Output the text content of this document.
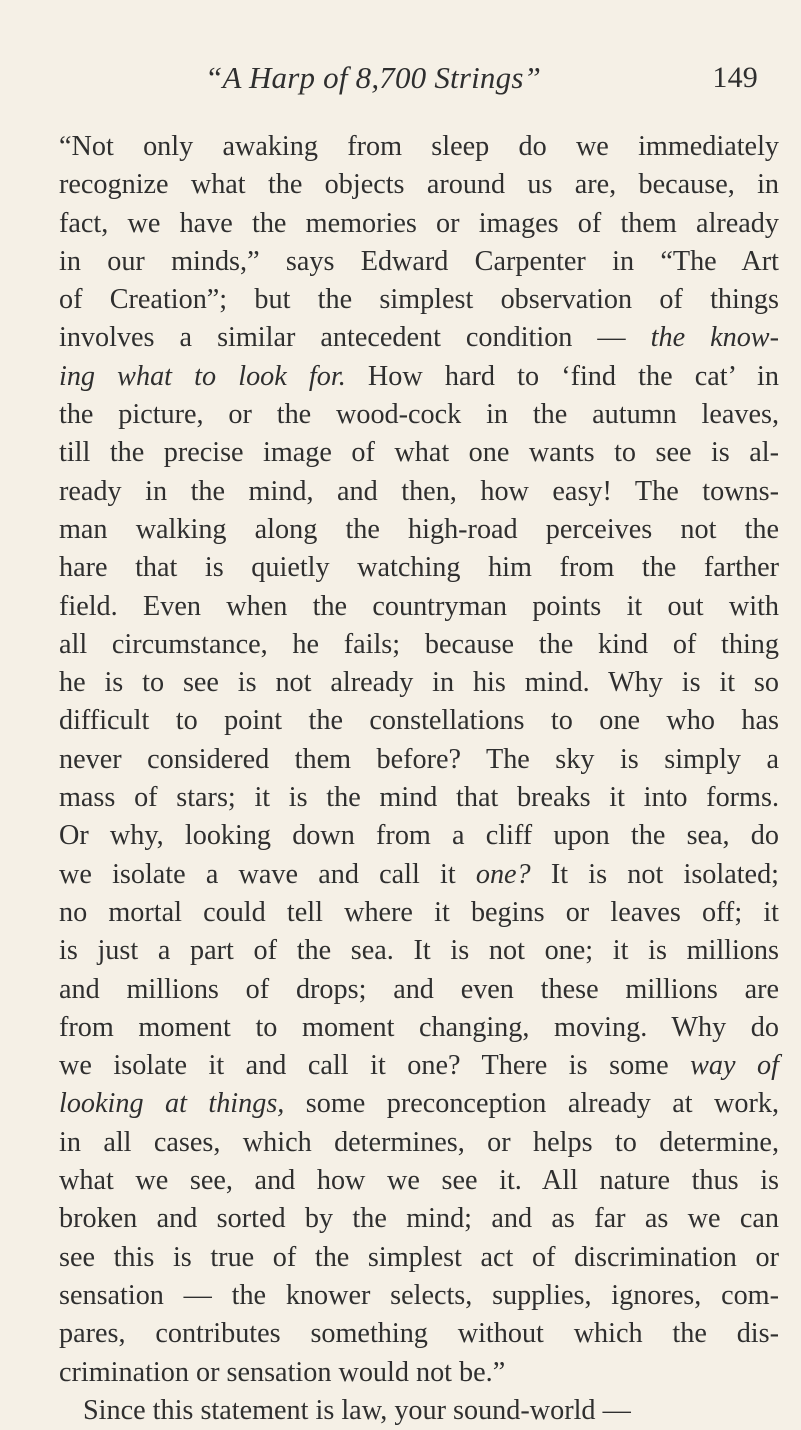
“A Harp of 8,700 Strings”	149
“Not only awaking from sleep do we immediately
recognize what the objects around us are, because, in
fact, we have the memories or images of them already
in our minds,” says Edward Carpenter in “The Art
of Creation”; but the simplest observation of things
involves a similar antecedent condition — the know-
ing what to look for. How hard to ‘find the cat’ in
the picture, or the wood-cock in the autumn leaves,
till the precise image of what one wants to see is al-
ready in the mind, and then, how easy! The towns-
man walking along the high-road perceives not the
hare that is quietly watching him from the farther
field. Even when the countryman points it out with
all circumstance, he fails; because the kind of thing
he is to see is not already in his mind. Why is it so
difficult to point the constellations to one who has
never considered them before? The sky is simply a
mass of stars; it is the mind that breaks it into forms.
Or why, looking down from a cliff upon the sea, do
we isolate a wave and call it one? It is not isolated;
no mortal could tell where it begins or leaves off; it
is just a part of the sea. It is not one; it is millions
and millions of drops; and even these millions are
from moment to moment changing, moving. Why do
we isolate it and call it one? There is some way of
looking at things, some preconception already at work,
in all cases, which determines, or helps to determine,
what we see, and how we see it. All nature thus is
broken and sorted by the mind; and as far as we can
see this is true of the simplest act of discrimination or
sensation — the knower selects, supplies, ignores, com-
pares, contributes something without which the dis-
crimination or sensation would not be.”
Since this statement is law, your sound-world —
